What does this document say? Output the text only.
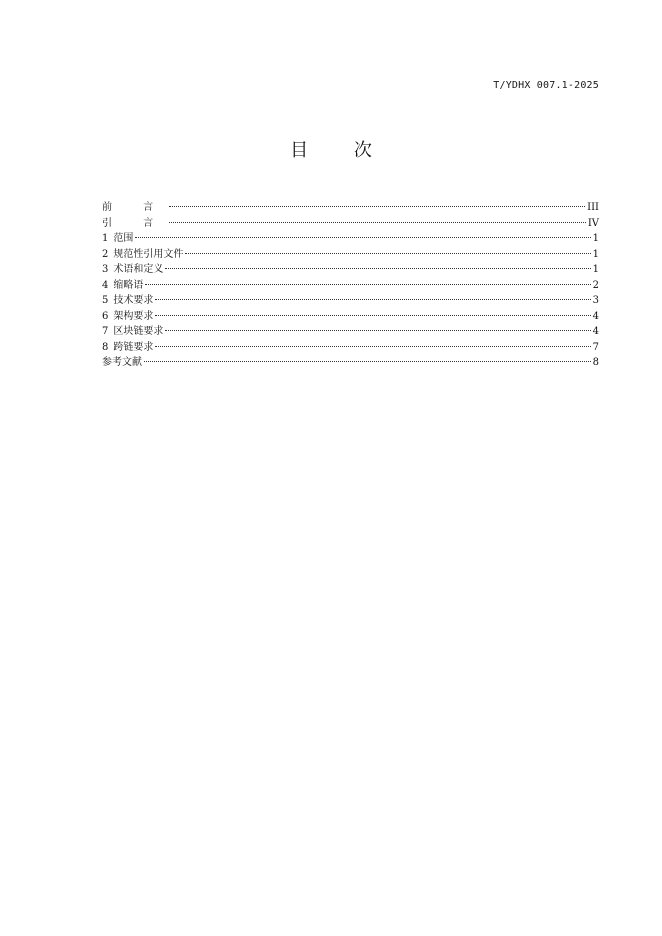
T/YDHX 007.1-2025
目 次
前 言	III
引 言	IV
1 范围	1
2 规范性引用文件	1
3 术语和定义	1
4 缩略语	2
5 技术要求	3
6 架构要求	4
7 区块链要求	4
8 跨链要求	7
参考文献	8
